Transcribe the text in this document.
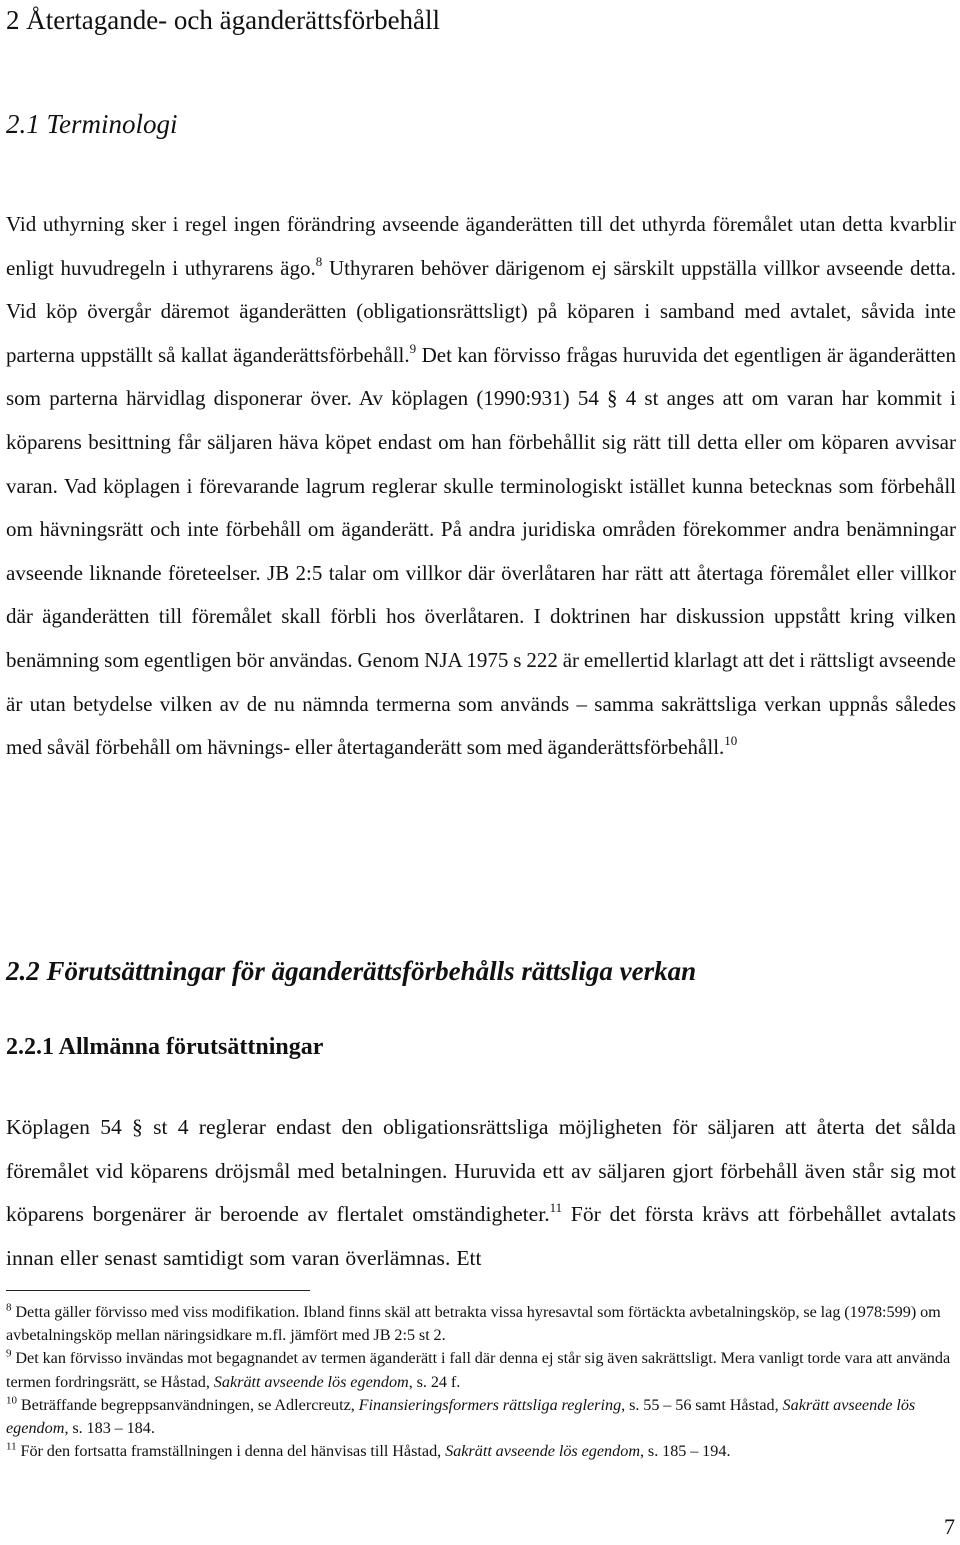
2 Återtagande- och äganderättsförbehåll
2.1 Terminologi

Vid uthyrning sker i regel ingen förändring avseende äganderätten till det uthyrda föremålet utan detta kvarblir enligt huvudregeln i uthyrarens ägo.$^8$ Uthyraren behöver därigenom ej särskilt uppställa villkor avseende detta. Vid köp övergår däremot äganderätten (obligationsrättsligt) på köparen i samband med avtalet, såvida inte parterna uppställt så kallat äganderättsförbehåll.$^9$ Det kan förvisso frågas huruvida det egentligen är äganderätten som parterna härvidlag disponerar över. Av köplagen (1990:931) 54 § 4 st anges att om varan har kommit i köparens besittning får säljaren häva köpet endast om han förbehållit sig rätt till detta eller om köparen avvisar varan. Vad köplagen i förevarande lagrum reglerar skulle terminologiskt istället kunna betecknas som förbehåll om hävningsrätt och inte förbehåll om äganderätt. På andra juridiska områden förekommer andra benämningar avseende liknande företeelser. JB 2:5 talar om villkor där överlåtaren har rätt att återtaga föremålet eller villkor där äganderätten till föremålet skall förbli hos överlåtaren. I doktrinen har diskussion uppstått kring vilken benämning som egentligen bör användas. Genom NJA 1975 s 222 är emellertid klarlagt att det i rättsligt avseende är utan betydelse vilken av de nu nämnda termerna som används – samma sakrättsliga verkan uppnås således med såväl förbehåll om hävnings- eller återtaganderätt som med äganderättsförbehåll.$^{10}$

2.2 Förutsättningar för äganderättsförbehålls rättsliga verkan
2.2.1 Allmänna förutsättningar

Köplagen 54 § st 4 reglerar endast den obligationsrättsliga möjligheten för säljaren att återta det sålda föremålet vid köparens dröjsmål med betalningen. Huruvida ett av säljaren gjort förbehåll även står sig mot köparens borgenärer är beroende av flertalet omständigheter.$^{11}$ För det första krävs att förbehållet avtalats innan eller senast samtidigt som varan överlämnas. Ett

$^8$ Detta gäller förvisso med viss modifikation. Ibland finns skäl att betrakta vissa hyresavtal som förtäckta avbetalningsköp, se lag (1978:599) om avbetalningsköp mellan näringsidkare m.fl. jämfört med JB 2:5 st 2.

$^9$ Det kan förvisso invändas mot begagnandet av termen äganderätt i fall där denna ej står sig även sakrättsligt. Mera vanligt torde vara att använda termen fordringsrätt, se Håstad, Sakrätt avseende lös egendom, s. 24 f.

$^{10}$ Beträffande begreppsanvändningen, se Adlercreutz, Finansieringsformers rättsliga reglering, s. 55 – 56 samt Håstad, Sakrätt avseende lös egendom, s. 183 – 184.

$^{11}$ För den fortsatta framställningen i denna del hänvisas till Håstad, Sakrätt avseende lös egendom, s. 185 – 194.

7
